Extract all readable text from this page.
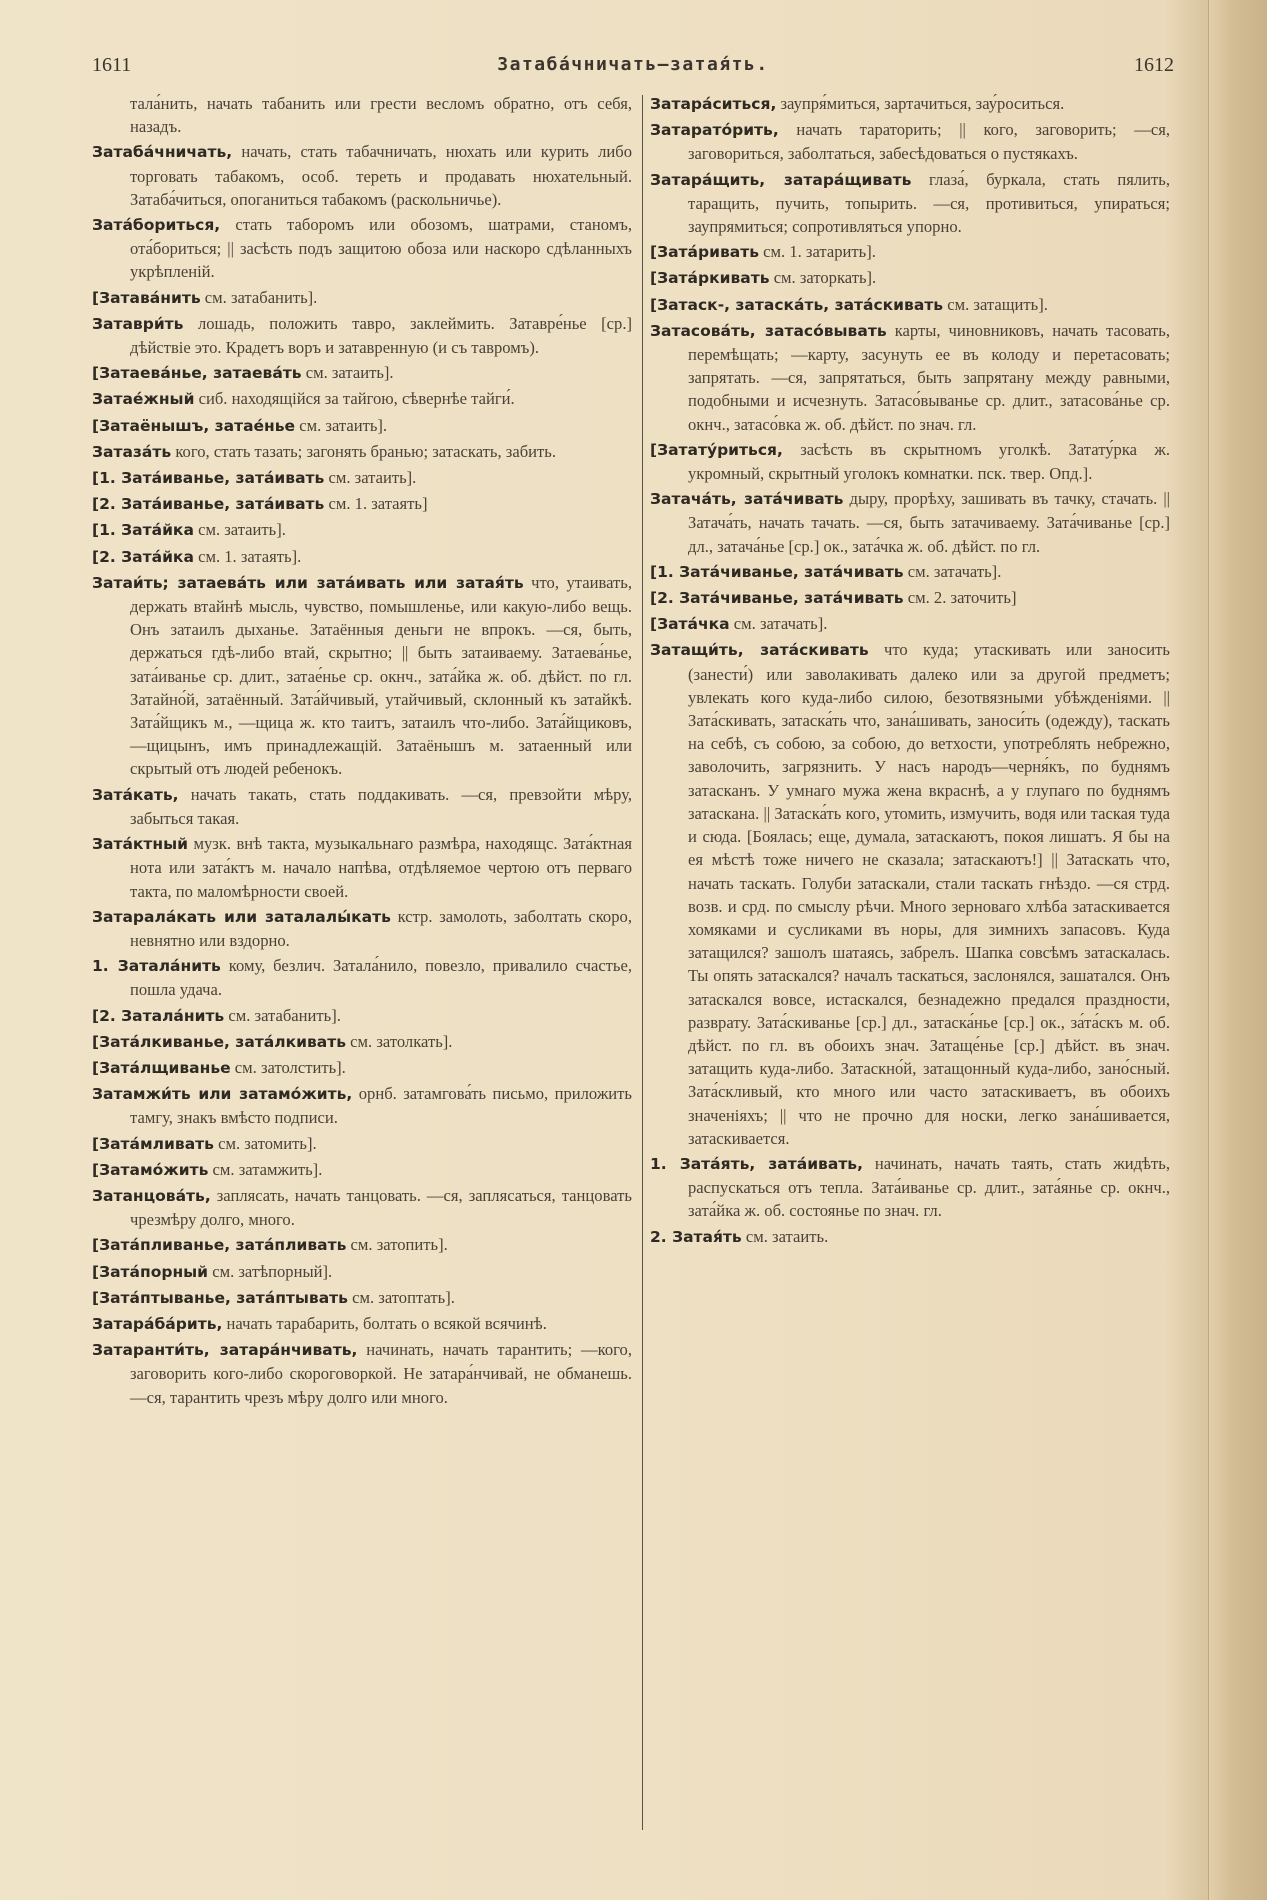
1611	Затаба́чничать—затая́ть.	1612

тала́нить, начать табанить или грести весломъ обратно, отъ себя, назадъ.

Затаба́чничать, начать, стать табачничать, нюхать или курить либо торговать табакомъ, особ. тереть и продавать нюхательный. Затаба́читься, опоганиться табакомъ (раскольничье).

Зата́бориться, стать таборомъ или обозомъ, шатрами, станомъ, ота́бориться; || засѣсть подъ защитою обоза или наскоро сдѣланныхъ укрѣпленій.

[Затава́нить см. затабанить].

Затаври́ть лошадь, положить тавро, заклеймить. Затавре́нье [ср.] дѣйствіе это. Крадетъ воръ и затавренную (и съ тавромъ).

[Затаева́нье, затаева́ть см. затаить].

Затае́жный сиб. находящійся за тайгою, сѣвернѣе тайги́.

[Затаёнышъ, затае́нье см. затаить].

Затаза́ть кого, стать тазать; загонять бранью; затаскать, забить.

[1. Зата́иванье, зата́ивать см. затаить].

[2. Зата́иванье, зата́ивать см. 1. затаять]

[1. Зата́йка см. затаить].

[2. Зата́йка см. 1. затаять].

Затаи́ть; затаева́ть или зата́ивать или затая́ть что, утаивать, держать втайнѣ мысль, чувство, помышленье, или какую-либо вещь. Онъ затаилъ дыханье. Затаённыя деньги не впрокъ. —ся, быть, держаться гдѣ-либо втай, скрытно; || быть затаиваему. Затаева́нье, зата́иванье ср. длит., затае́нье ср. окнч., зата́йка ж. об. дѣйст. по гл. Затайно́й, затаённый. Зата́йчивый, утайчивый, склонный къ затайкѣ. Зата́йщикъ м., —щица ж. кто таитъ, затаилъ что-либо. Зата́йщиковъ, —щицынъ, имъ принадлежащій. Затаёнышъ м. затаенный или скрытый отъ людей ребенокъ.

Зата́кать, начать такать, стать поддакивать. —ся, превзойти мѣру, забыться такая.

Зата́ктный музк. внѣ такта, музыкальнаго размѣра, находящс. Зата́ктная нота или зата́ктъ м. начало напѣва, отдѣляемое чертою отъ перваго такта, по маломѣрности своей.

Затарала́кать или заталалы́кать кстр. замолоть, заболтать скоро, невнятно или вздорно.

1. Затала́нить кому, безлич. Затала́нило, повезло, привалило счастье, пошла удача.

[2. Затала́нить см. затабанить].

[Зата́лкиванье, зата́лкивать см. затолкать].

[Зата́лщиванье см. затолстить].

Затамжи́ть или затамо́жить, орнб. затамгова́ть письмо, приложить тамгу, знакъ вмѣсто подписи.

[Зата́мливать см. затомить].

[Затамо́жить см. затамжить].

Затанцова́ть, заплясать, начать танцовать. —ся, заплясаться, танцовать чрезмѣру долго, много.

[Зата́пливанье, зата́пливать см. затопить].

[Зата́порный см. затѣпорный].

[Зата́птыванье, зата́птывать см. затоптать].

Затара́ба́рить, начать тарабарить, болтать о всякой всячинѣ.

Затаранти́ть, затара́нчивать, начинать, начать тарантить; —кого, заговорить кого-либо скороговоркой. Не затара́нчивай, не обманешь. —ся, тарантить чрезъ мѣру долго или много.

Затара́ситься, заупря́миться, зартачиться, зау́роситься.

Затарато́рить, начать тараторить; || кого, заговорить; —ся, заговориться, заболтаться, забесѣдоваться о пустякахъ.

Затара́щить, затара́щивать глаза́, буркала, стать пялить, таращить, пучить, топырить. —ся, противиться, упираться; заупрямиться; сопротивляться упорно.

[Зата́ривать см. 1. затарить].

[Зата́ркивать см. заторкать].

[Затаск-, затаска́ть, зата́скивать см. затащить].

Затасова́ть, затасо́вывать карты, чиновниковъ, начать тасовать, перемѣщать; —карту, засунуть ее въ колоду и перетасовать; запрятать. —ся, запрятаться, быть запрятану между равными, подобными и исчезнуть. Затасо́вываньe ср. длит., затасова́нье ср. окнч., затасо́вка ж. об. дѣйст. по знач. гл.

[Затату́риться, засѣсть въ скрытномъ уголкѣ. Затату́рка ж. укромный, скрытный уголокъ комнатки. пск. твер. Опд.].

Затача́ть, зата́чивать дыру, прорѣху, зашивать въ тачку, стачать. || Затача́ть, начать тачать. —ся, быть затачиваему. Зата́чиванье [ср.] дл., затача́нье [ср.] ок., зата́чка ж. об. дѣйст. по гл.

[1. Зата́чиванье, зата́чивать см. затачать].

[2. Зата́чиванье, зата́чивать см. 2. заточить]

[Зата́чка см. затачать].

Затащи́ть, зата́скивать что куда; утаскивать или заносить (занести́) или заволакивать далеко или за другой предметъ; увлекать кого куда-либо силою, безотвязными убѣжденіями. || Зата́скивать, затаска́ть что, зана́шивать, заноси́ть (одежду), таскать на себѣ, съ собою, за собою, до ветхости, употреблять небрежно, заволочить, загрязнить. У насъ народъ—черня́къ, по буднямъ затасканъ. У умнаго мужа жена вкраснѣ, а у глупаго по буднямъ затаскана. || Затаска́ть кого, утомить, измучить, водя или таская туда и сюда. [Боялась; еще, думала, затаскаютъ, покоя лишатъ. Я бы на ея мѣстѣ тоже ничего не сказала; затаскаютъ!] || Затаскать что, начать таскать. Голуби затаскали, стали таскать гнѣздо. —ся стрд. возв. и срд. по смыслу рѣчи. Много зерноваго хлѣба затаскивается хомяками и сусликами въ норы, для зимнихъ запасовъ. Куда затащился? зашолъ шатаясь, забрелъ. Шапка совсѣмъ затаскалась. Ты опять затаскался? началъ таскаться, заслонялся, зашатался. Онъ затаскался вовсе, истаскался, безнадежно предался праздности, разврату. Зата́скиванье [ср.] дл., затаска́нье [ср.] ок., за́та́скъ м. об. дѣйст. по гл. въ обоихъ знач. Затаще́нье [ср.] дѣйст. въ знач. затащить куда-либо. Затаскно́й, затащонный куда-либо, зано́сный. Зата́скливый, кто много или часто затаскиваетъ, въ обоихъ значеніяхъ; || что не прочно для носки, легко зана́шивается, затаскивается.

1. Зата́ять, зата́ивать, начинать, начать таять, стать жидѣть, распускаться отъ тепла. Зата́иванье ср. длит., зата́янье ср. окнч., зата́йка ж. об. состоянье по знач. гл.

2. Затая́ть см. затаить.
